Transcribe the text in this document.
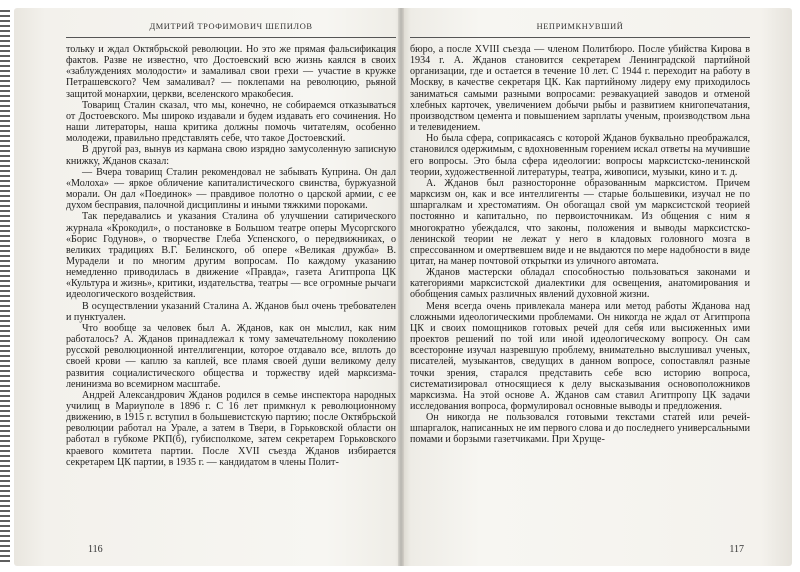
ДМИТРИЙ ТРОФИМОВИЧ ШЕПИЛОВ

тольку и ждал Октябрьской революции. Но это же прямая фальсификация фактов. Разве не известно, что Достоевский всю жизнь каялся в своих «заблуждениях молодости» и замаливал свои грехи — участие в кружке Петрашевского? Чем замаливал? — поклепами на революцию, рьяной защитой монархии, церкви, вселенского мракобесия.

Товарищ Сталин сказал, что мы, конечно, не собираемся отказываться от Достоевского. Мы широко издавали и будем издавать его сочинения. Но наши литераторы, наша критика должны помочь читателям, особенно молодежи, правильно представлять себе, что такое Достоевский.

В другой раз, вынув из кармана свою изрядно замусоленную записную книжку, Жданов сказал:

— Вчера товарищ Сталин рекомендовал не забывать Куприна. Он дал «Молоха» — яркое обличение капиталистического свинства, буржуазной морали. Он дал «Поединок» — правдивое полотно о царской армии, с ее духом бесправия, палочной дисциплины и иными тяжкими пороками.

Так передавались и указания Сталина об улучшении сатирического журнала «Крокодил», о постановке в Большом театре оперы Мусоргского «Борис Годунов», о творчестве Глеба Успенского, о передвижниках, о великих традициях В.Г. Белинского, об опере «Великая дружба» В. Мурадели и по многим другим вопросам. По каждому указанию немедленно приводилась в движение «Правда», газета Агитпропа ЦК «Культура и жизнь», критики, издательства, театры — все огромные рычаги идеологического воздействия.

В осуществлении указаний Сталина А. Жданов был очень требователен и пунктуален.

Что вообще за человек был А. Жданов, как он мыслил, как ним работалось? А. Жданов принадлежал к тому замечательному поколению русской революционной интеллигенции, которое отдавало все, вплоть до своей крови — каплю за каплей, все пламя своей души великому делу развития социалистического общества и торжеству идей марксизма-ленинизма во всемирном масштабе.

Андрей Александрович Жданов родился в семье инспектора народных училищ в Мариуполе в 1896 г. С 16 лет примкнул к революционному движению, в 1915 г. вступил в большевистскую партию; после Октябрьской революции работал на Урале, а затем в Твери, в Горьковской области он работал в губкоме РКП(б), губисполкоме, затем секретарем Горьковского краевого комитета партии. После XVII съезда Жданов избирается секретарем ЦК партии, в 1935 г. — кандидатом в члены Полит-

116
НЕПРИМКНУВШИЙ

бюро, а после XVIII съезда — членом Политбюро. После убийства Кирова в 1934 г. А. Жданов становится секретарем Ленинградской партийной организации, где и остается в течение 10 лет. С 1944 г. переходит на работу в Москву, в качестве секретаря ЦК. Как партийному лидеру ему приходилось заниматься самыми разными вопросами: реэвакуацией заводов и отменой хлебных карточек, увеличением добычи рыбы и развитием книгопечатания, производством цемента и повышением зарплаты ученым, производством льна и телевидением.

Но была сфера, соприкасаясь с которой Жданов буквально преображался, становился одержимым, с вдохновенным горением искал ответы на мучившие его вопросы. Это была сфера идеологии: вопросы марксистско-ленинской теории, художественной литературы, театра, живописи, музыки, кино и т. д.

А. Жданов был разносторонне образованным марксистом. Причем марксизм он, как и все интеллигенты — старые большевики, изучал не по шпаргалкам и хрестоматиям. Он обогащал свой ум марксистской теорией постоянно и капитально, по первоисточникам. Из общения с ним я многократно убеждался, что законы, положения и выводы марксистско-ленинской теории не лежат у него в кладовых головного мозга в спрессованном и омертвевшем виде и не выдаются по мере надобности в виде цитат, на манер почтовой открытки из уличного автомата.

Жданов мастерски обладал способностью пользоваться законами и категориями марксистской диалектики для освещения, анатомирования и обобщения самых различных явлений духовной жизни.

Меня всегда очень привлекала манера или метод работы Жданова над сложными идеологическими проблемами. Он никогда не ждал от Агитпропа ЦК и своих помощников готовых речей для себя или высиженных ими проектов решений по той или иной идеологическому вопросу. Он сам всесторонне изучал назревшую проблему, внимательно выслушивал ученых, писателей, музыкантов, сведущих в данном вопросе, сопоставлял разные точки зрения, старался представить себе всю историю вопроса, систематизировал относящиеся к делу высказывания основоположников марксизма. На этой основе А. Жданов сам ставил Агитпропу ЦК задачи исследования вопроса, формулировал основные выводы и предложения.

Он никогда не пользовался готовыми текстами статей или речей-шпаргалок, написанных не им первого слова и до последнего универсальными помами и борзыми газетчиками. При Хруще-

117
